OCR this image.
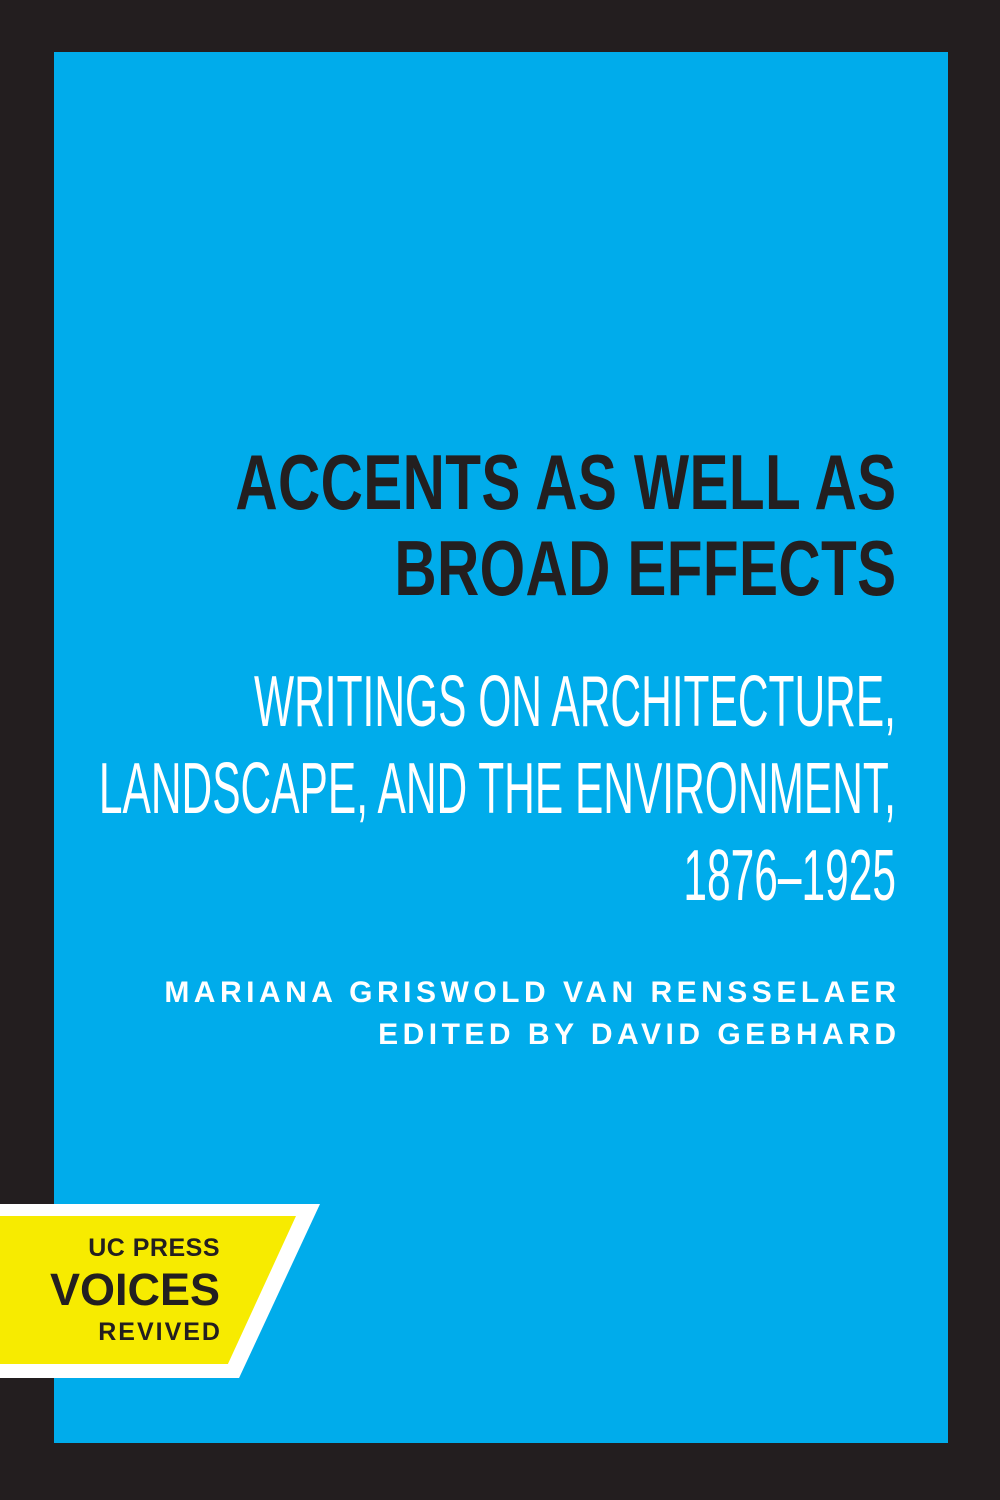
ACCENTS AS WELL AS
BROAD EFFECTS
WRITINGS ON ARCHITECTURE,
LANDSCAPE, AND THE ENVIRONMENT,
1876–1925
MARIANA GRISWOLD VAN RENSSELAER
EDITED BY DAVID GEBHARD
UC PRESS
VOICES
REVIVED
